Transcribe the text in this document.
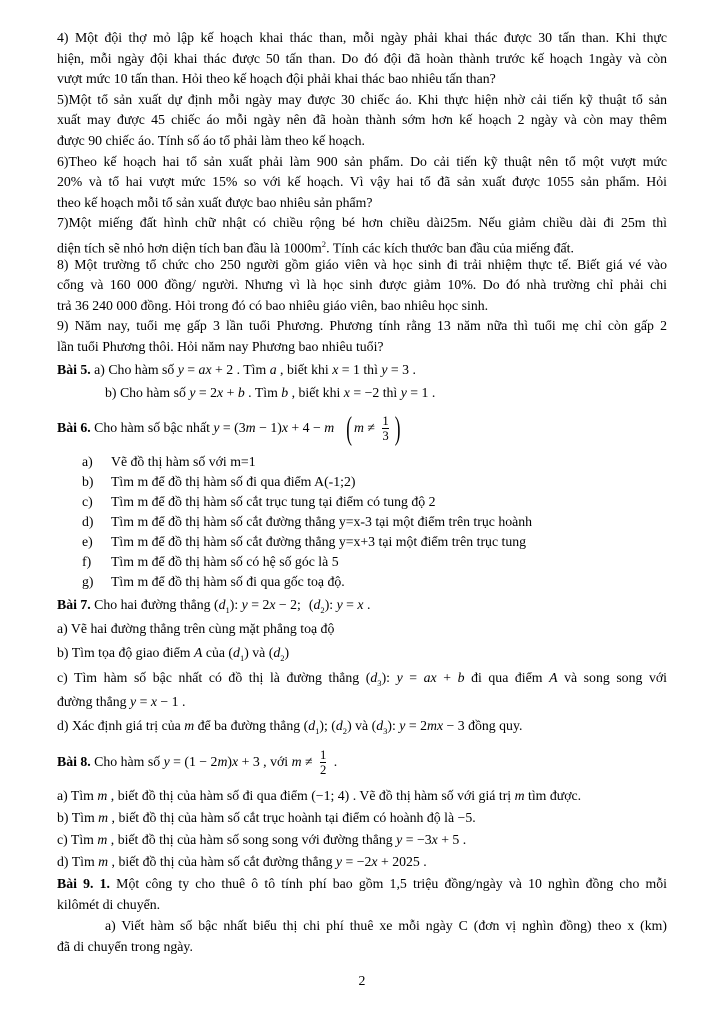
4) Một đội thợ mỏ lập kế hoạch khai thác than, mỗi ngày phải khai thác được 30 tấn than. Khi thực
hiện, mỗi ngày đội khai thác được 50 tấn than. Do đó đội đã hoàn thành trước kế hoạch 1ngày và còn
vượt mức 10 tấn than. Hỏi theo kế hoạch đội phải khai thác bao nhiêu tấn than?
5)Một tổ sản xuất dự định mỗi ngày may được 30 chiếc áo. Khi thực hiện nhờ cải tiến kỹ thuật tổ sản
xuất may được 45 chiếc áo mỗi ngày nên đã hoàn thành sớm hơn kế hoạch 2 ngày và còn may thêm
được 90 chiếc áo. Tính số áo tổ phải làm theo kế hoạch.
6)Theo kế hoạch hai tổ sản xuất phải làm 900 sản phẩm. Do cải tiến kỹ thuật nên tổ một vượt mức
20% và tổ hai vượt mức 15% so với kế hoạch. Vì vậy hai tổ đã sản xuất được 1055 sản phẩm. Hỏi
theo kế hoạch mỗi tổ sản xuất được bao nhiêu sản phẩm?
7)Một miếng đất hình chữ nhật có chiều rộng bé hơn chiều dài25m. Nếu giảm chiều dài đi 25m thì
diện tích sẽ nhỏ hơn diện tích ban đầu là $1000m^2$. Tính các kích thước ban đầu của miếng đất.
8) Một trường tổ chức cho 250 người gồm giáo viên và học sinh đi trải nhiệm thực tế. Biết giá vé vào
cổng và 160 000 đồng/ người. Nhưng vì là học sinh được giảm 10%. Do đó nhà trường chỉ phải chi
trả 36 240 000 đồng. Hỏi trong đó có bao nhiêu giáo viên, bao nhiêu học sinh.
9) Năm nay, tuổi mẹ gấp 3 lần tuổi Phương. Phương tính rằng 13 năm nữa thì tuổi mẹ chỉ còn gấp 2
lần tuổi Phương thôi. Hỏi năm nay Phương bao nhiêu tuổi?
Bài 5. a) Cho hàm số y = ax + 2 . Tìm a , biết khi x = 1 thì y = 3 .
b) Cho hàm số y = 2x + b . Tìm b , biết khi x = −2 thì y = 1 .
Bài 6. Cho hàm số bậc nhất y = (3m − 1)x + 4 − m ( $m \ne \frac{1}{3}$ )
a) Vẽ đồ thị hàm số với m=1
b) Tìm m để đồ thị hàm số đi qua điểm A(-1;2)
c) Tìm m để đồ thị hàm số cắt trục tung tại điểm có tung độ 2
d) Tìm m để đồ thị hàm số cắt đường thẳng y=x-3 tại một điểm trên trục hoành
e) Tìm m để đồ thị hàm số cắt đường thẳng y=x+3 tại một điểm trên trục tung
f) Tìm m để đồ thị hàm số có hệ số góc là 5
g) Tìm m để đồ thị hàm số đi qua gốc toạ độ.
Bài 7. Cho hai đường thẳng $(d_1)$: y = 2x − 2; $(d_2)$: y = x .
a) Vẽ hai đường thẳng trên cùng mặt phẳng toạ độ
b) Tìm tọa độ giao điểm A của $(d_1)$ và $(d_2)$
c) Tìm hàm số bậc nhất có đồ thị là đường thẳng $(d_3)$: y = ax + b đi qua điểm A và song song với
đường thẳng y = x − 1 .
d) Xác định giá trị của m để ba đường thẳng $(d_1)$; $(d_2)$ và $(d_3)$: y = 2mx − 3 đồng quy.
Bài 8. Cho hàm số y = (1 − 2m)x + 3 , với $m \ne \frac{1}{2}$ .
a) Tìm m , biết đồ thị của hàm số đi qua điểm (−1; 4) . Vẽ đồ thị hàm số với giá trị m tìm được.
b) Tìm m , biết đồ thị của hàm số cắt trục hoành tại điểm có hoành độ là −5.
c) Tìm m , biết đồ thị của hàm số song song với đường thẳng y = −3x + 5 .
d) Tìm m , biết đồ thị của hàm số cắt đường thẳng y = −2x + 2025 .
Bài 9. 1. Một công ty cho thuê ô tô tính phí bao gồm 1,5 triệu đồng/ngày và 10 nghìn đồng cho mỗi
kilômét di chuyển.
a) Viết hàm số bậc nhất biểu thị chi phí thuê xe mỗi ngày C (đơn vị nghìn đồng) theo x (km)
đã di chuyển trong ngày.
2
